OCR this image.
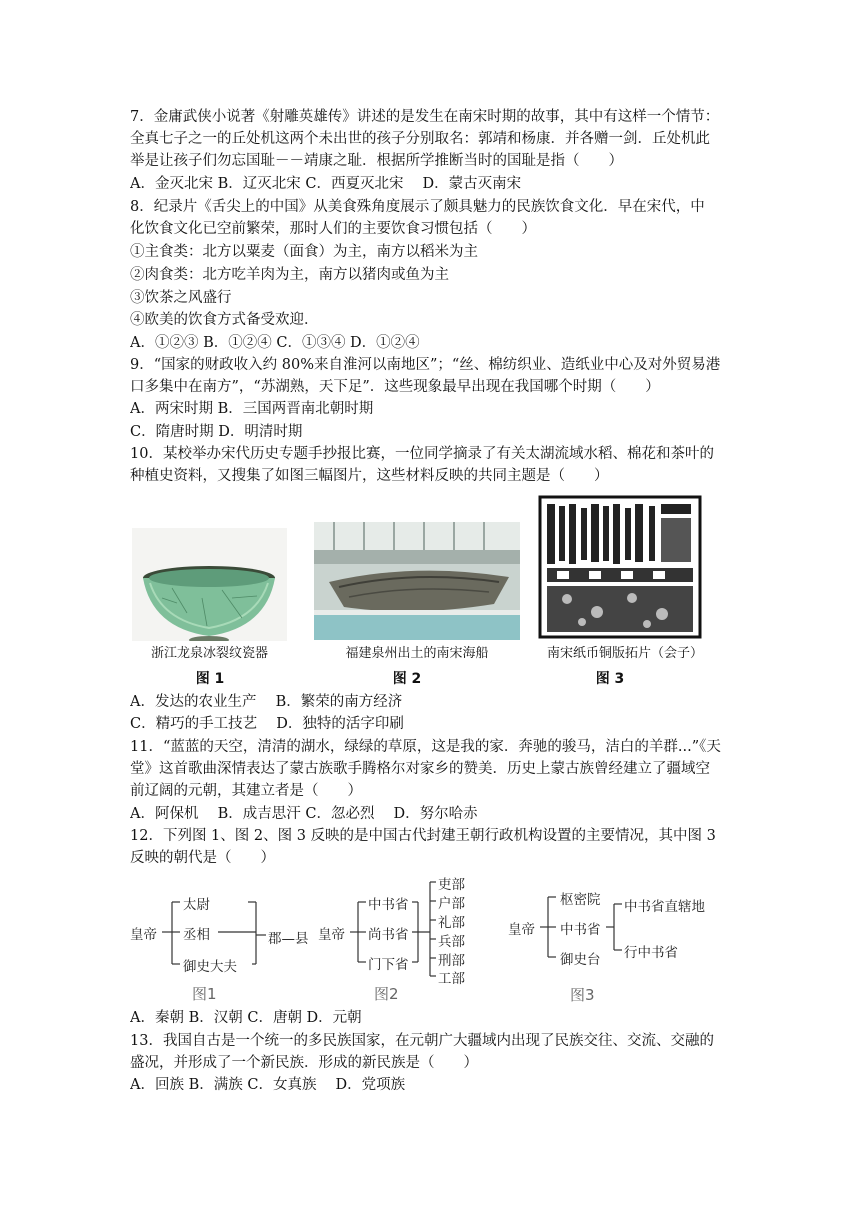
7．金庸武侠小说著《射雕英雄传》讲述的是发生在南宋时期的故事，其中有这样一个情节：
全真七子之一的丘处机这两个未出世的孩子分别取名：郭靖和杨康．并各赠一剑．丘处机此
举是让孩子们勿忘国耻－－靖康之耻．根据所学推断当时的国耻是指（　　）
A．金灭北宋 B．辽灭北宋 C．西夏灭北宋　 D．蒙古灭南宋
8．纪录片《舌尖上的中国》从美食殊角度展示了颇具魅力的民族饮食文化．早在宋代，中
化饮食文化已空前繁荣，那时人们的主要饮食习惯包括（　　）
①主食类：北方以粟麦（面食）为主，南方以稻米为主
②肉食类：北方吃羊肉为主，南方以猪肉或鱼为主
③饮茶之风盛行
④欧美的饮食方式备受欢迎．
A．①②③ B．①②④ C．①③④ D．①②④
9．“国家的财政收入约 80%来自淮河以南地区”；“丝、棉纺织业、造纸业中心及对外贸易港
口多集中在南方”，“苏湖熟，天下足”．这些现象最早出现在我国哪个时期（　　）
A．两宋时期 B．三国两晋南北朝时期
C．隋唐时期 D．明清时期
10．某校举办宋代历史专题手抄报比赛，一位同学摘录了有关太湖流域水稻、棉花和茶叶的
种植史资料，又搜集了如图三幅图片，这些材料反映的共同主题是（　　）
浙江龙泉冰裂纹瓷器
图 1
福建泉州出土的南宋海船
图 2
南宋纸币铜版拓片（会子）
图 3
A．发达的农业生产　 B．繁荣的南方经济
C．精巧的手工技艺　 D．独特的活字印刷
11．“蓝蓝的天空，清清的湖水，绿绿的草原，这是我的家．奔驰的骏马，洁白的羊群...”《天
堂》这首歌曲深情表达了蒙古族歌手腾格尔对家乡的赞美．历史上蒙古族曾经建立了疆域空
前辽阔的元朝，其建立者是（　　）
A．阿保机　 B．成吉思汗 C．忽必烈　 D．努尔哈赤
12．下列图 1、图 2、图 3 反映的是中国古代封建王朝行政机构设置的主要情况，其中图 3
反映的朝代是（　　）
皇帝
太尉
丞相
御史大夫
郡—县
图1
皇帝
中书省
尚书省
门下省
吏部
户部
礼部
兵部
刑部
工部
图2
皇帝
枢密院
中书省
御史台
中书省直辖地
行中书省
图3
A．秦朝 B．汉朝 C．唐朝 D．元朝
13．我国自古是一个统一的多民族国家，在元朝广大疆域内出现了民族交往、交流、交融的
盛况，并形成了一个新民族．形成的新民族是（　　）
A．回族 B．满族 C．女真族　 D．党项族
